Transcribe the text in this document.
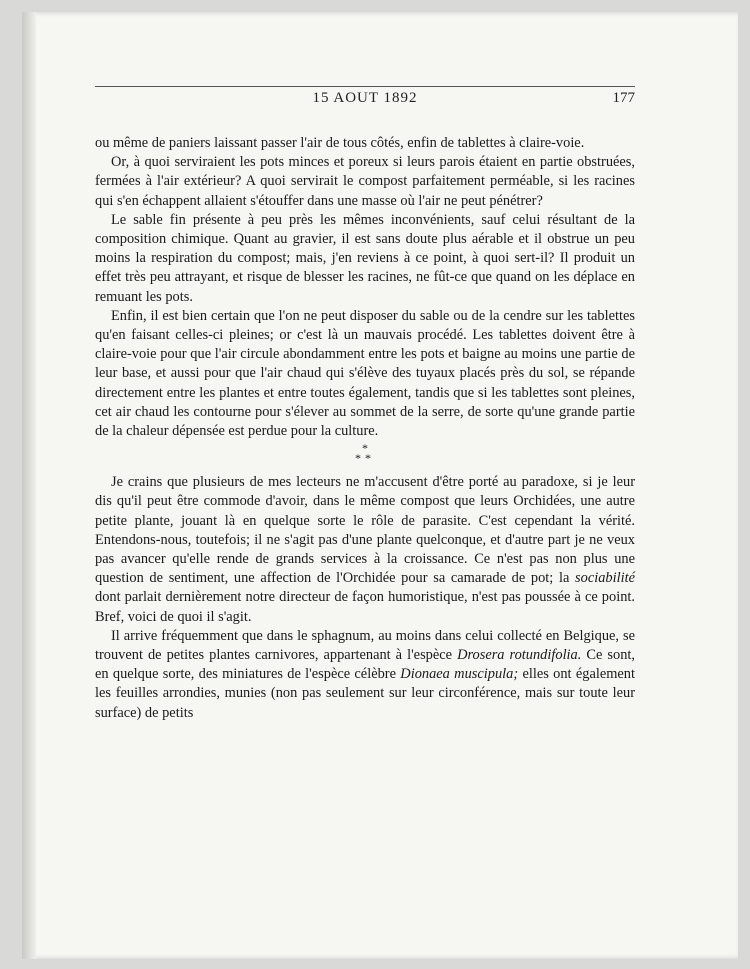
15 AOUT 1892	177

ou même de paniers laissant passer l'air de tous côtés, enfin de tablettes à claire-voie.

Or, à quoi serviraient les pots minces et poreux si leurs parois étaient en partie obstruées, fermées à l'air extérieur? A quoi servirait le compost parfaitement perméable, si les racines qui s'en échappent allaient s'étouffer dans une masse où l'air ne peut pénétrer?

Le sable fin présente à peu près les mêmes inconvénients, sauf celui résultant de la composition chimique. Quant au gravier, il est sans doute plus aérable et il obstrue un peu moins la respiration du compost; mais, j'en reviens à ce point, à quoi sert-il? Il produit un effet très peu attrayant, et risque de blesser les racines, ne fût-ce que quand on les déplace en remuant les pots.

Enfin, il est bien certain que l'on ne peut disposer du sable ou de la cendre sur les tablettes qu'en faisant celles-ci pleines; or c'est là un mauvais procédé. Les tablettes doivent être à claire-voie pour que l'air circule abondamment entre les pots et baigne au moins une partie de leur base, et aussi pour que l'air chaud qui s'élève des tuyaux placés près du sol, se répande directement entre les plantes et entre toutes également, tandis que si les tablettes sont pleines, cet air chaud les contourne pour s'élever au sommet de la serre, de sorte qu'une grande partie de la chaleur dépensée est perdue pour la culture.

*
**

Je crains que plusieurs de mes lecteurs ne m'accusent d'être porté au paradoxe, si je leur dis qu'il peut être commode d'avoir, dans le même compost que leurs Orchidées, une autre petite plante, jouant là en quelque sorte le rôle de parasite. C'est cependant la vérité. Entendons-nous, toutefois; il ne s'agit pas d'une plante quelconque, et d'autre part je ne veux pas avancer qu'elle rende de grands services à la croissance. Ce n'est pas non plus une question de sentiment, une affection de l'Orchidée pour sa camarade de pot; la sociabilité dont parlait dernièrement notre directeur de façon humoristique, n'est pas poussée à ce point. Bref, voici de quoi il s'agit.

Il arrive fréquemment que dans le sphagnum, au moins dans celui collecté en Belgique, se trouvent de petites plantes carnivores, appartenant à l'espèce Drosera rotundifolia. Ce sont, en quelque sorte, des miniatures de l'espèce célèbre Dionaea muscipula; elles ont également les feuilles arrondies, munies (non pas seulement sur leur circonférence, mais sur toute leur surface) de petits
